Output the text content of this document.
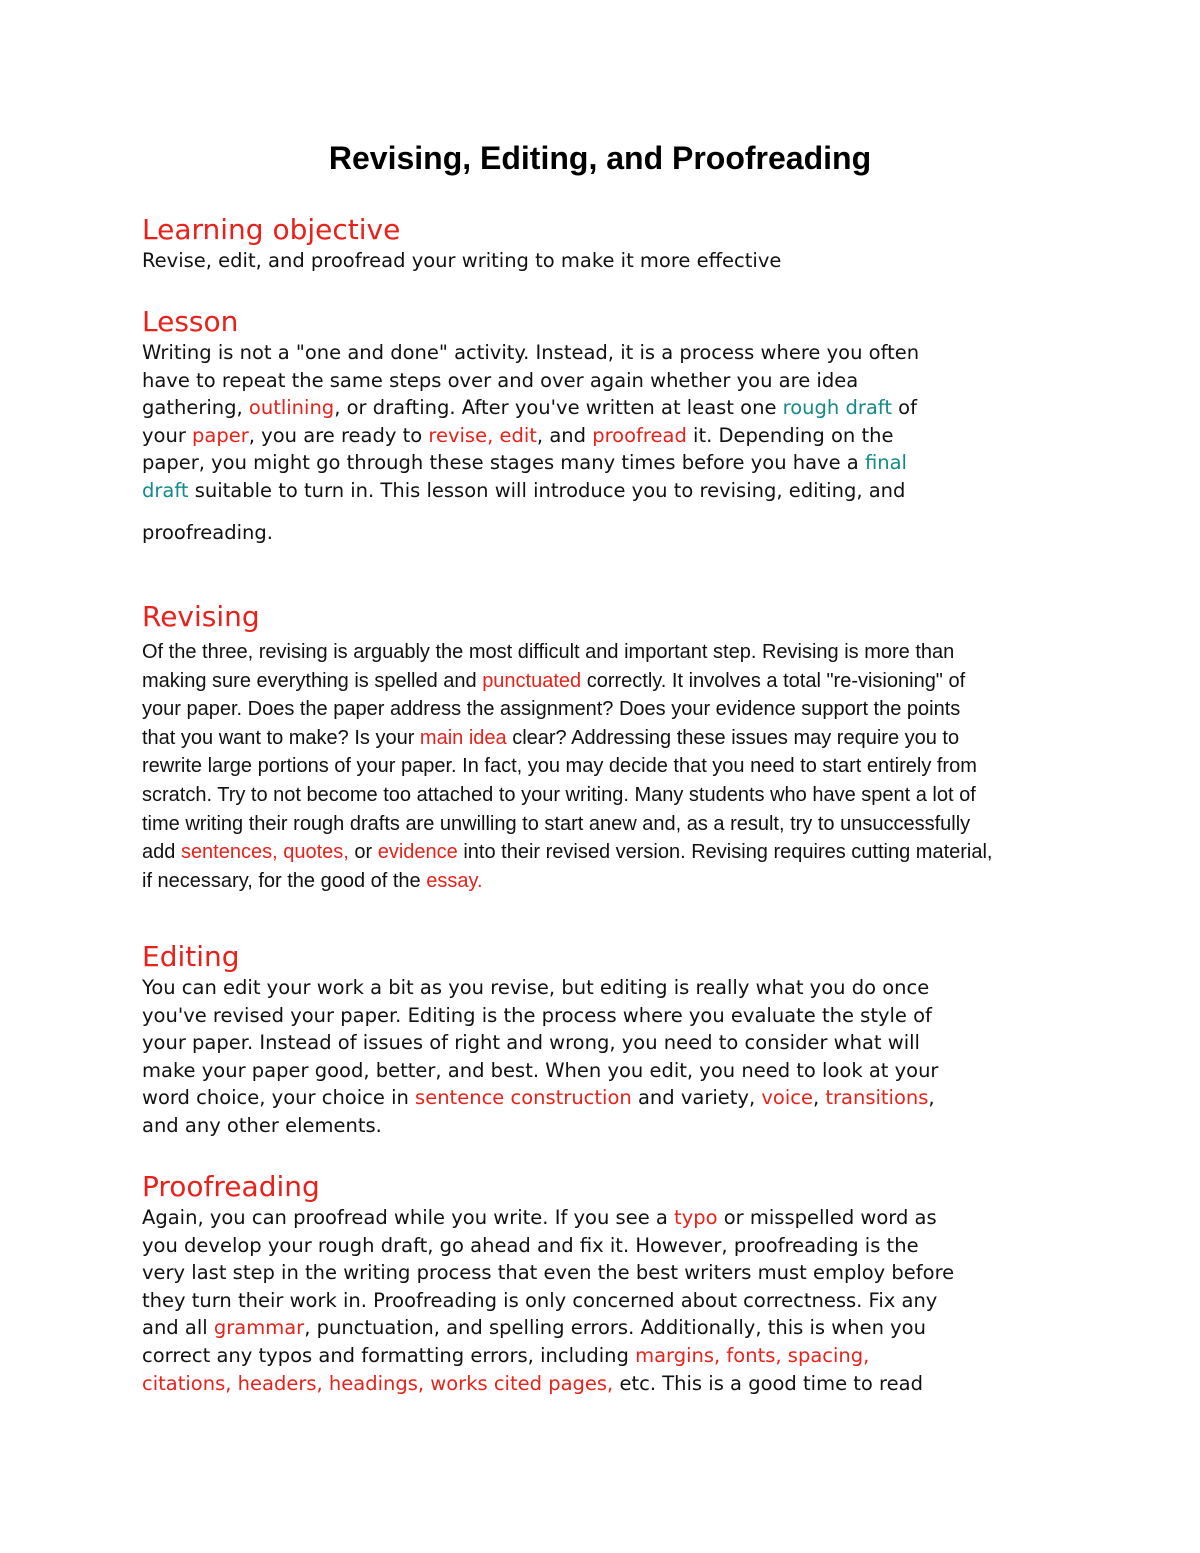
Revising, Editing, and Proofreading
Learning objective

Revise, edit, and proofread your writing to make it more effective

Lesson

Writing is not a "one and done" activity. Instead, it is a process where you often
have to repeat the same steps over and over again whether you are idea
gathering, outlining, or drafting. After you've written at least one rough draft of
your paper, you are ready to revise, edit, and proofread it. Depending on the
paper, you might go through these stages many times before you have a final
draft suitable to turn in. This lesson will introduce you to revising, editing, and
proofreading.

Revising

Of the three, revising is arguably the most difficult and important step. Revising is more than
making sure everything is spelled and punctuated correctly. It involves a total "re-visioning" of
your paper. Does the paper address the assignment? Does your evidence support the points
that you want to make? Is your main idea clear? Addressing these issues may require you to
rewrite large portions of your paper. In fact, you may decide that you need to start entirely from
scratch. Try to not become too attached to your writing. Many students who have spent a lot of
time writing their rough drafts are unwilling to start anew and, as a result, try to unsuccessfully
add sentences, quotes, or evidence into their revised version. Revising requires cutting material,
if necessary, for the good of the essay.

Editing

You can edit your work a bit as you revise, but editing is really what you do once
you've revised your paper. Editing is the process where you evaluate the style of
your paper. Instead of issues of right and wrong, you need to consider what will
make your paper good, better, and best. When you edit, you need to look at your
word choice, your choice in sentence construction and variety, voice, transitions,
and any other elements.

Proofreading

Again, you can proofread while you write. If you see a typo or misspelled word as
you develop your rough draft, go ahead and fix it. However, proofreading is the
very last step in the writing process that even the best writers must employ before
they turn their work in. Proofreading is only concerned about correctness. Fix any
and all grammar, punctuation, and spelling errors. Additionally, this is when you
correct any typos and formatting errors, including margins, fonts, spacing,
citations, headers, headings, works cited pages, etc. This is a good time to read
